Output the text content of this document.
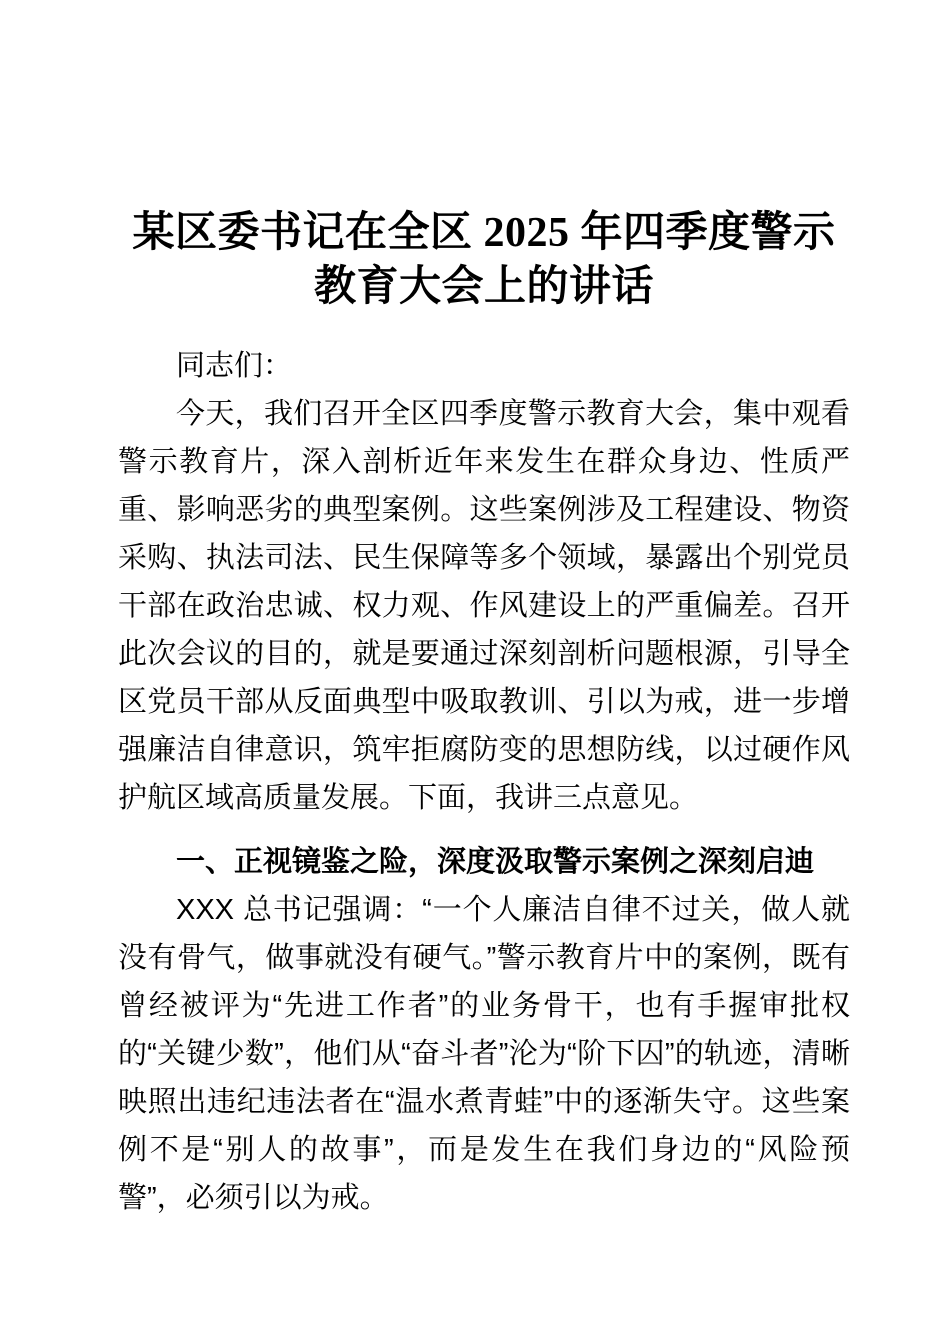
某区委书记在全区 2025 年四季度警示
教育大会上的讲话

同志们：

今天，我们召开全区四季度警示教育大会，集中观看警示教育片，深入剖析近年来发生在群众身边、性质严重、影响恶劣的典型案例。这些案例涉及工程建设、物资采购、执法司法、民生保障等多个领域，暴露出个别党员干部在政治忠诚、权力观、作风建设上的严重偏差。召开此次会议的目的，就是要通过深刻剖析问题根源，引导全区党员干部从反面典型中吸取教训、引以为戒，进一步增强廉洁自律意识，筑牢拒腐防变的思想防线，以过硬作风护航区域高质量发展。下面，我讲三点意见。

一、正视镜鉴之险，深度汲取警示案例之深刻启迪

XXX 总书记强调：“一个人廉洁自律不过关，做人就没有骨气，做事就没有硬气。”警示教育片中的案例，既有曾经被评为“先进工作者”的业务骨干，也有手握审批权的“关键少数”，他们从“奋斗者”沦为“阶下囚”的轨迹，清晰映照出违纪违法者在“温水煮青蛙”中的逐渐失守。这些案例不是“别人的故事”，而是发生在我们身边的“风险预警”，必须引以为戒。
